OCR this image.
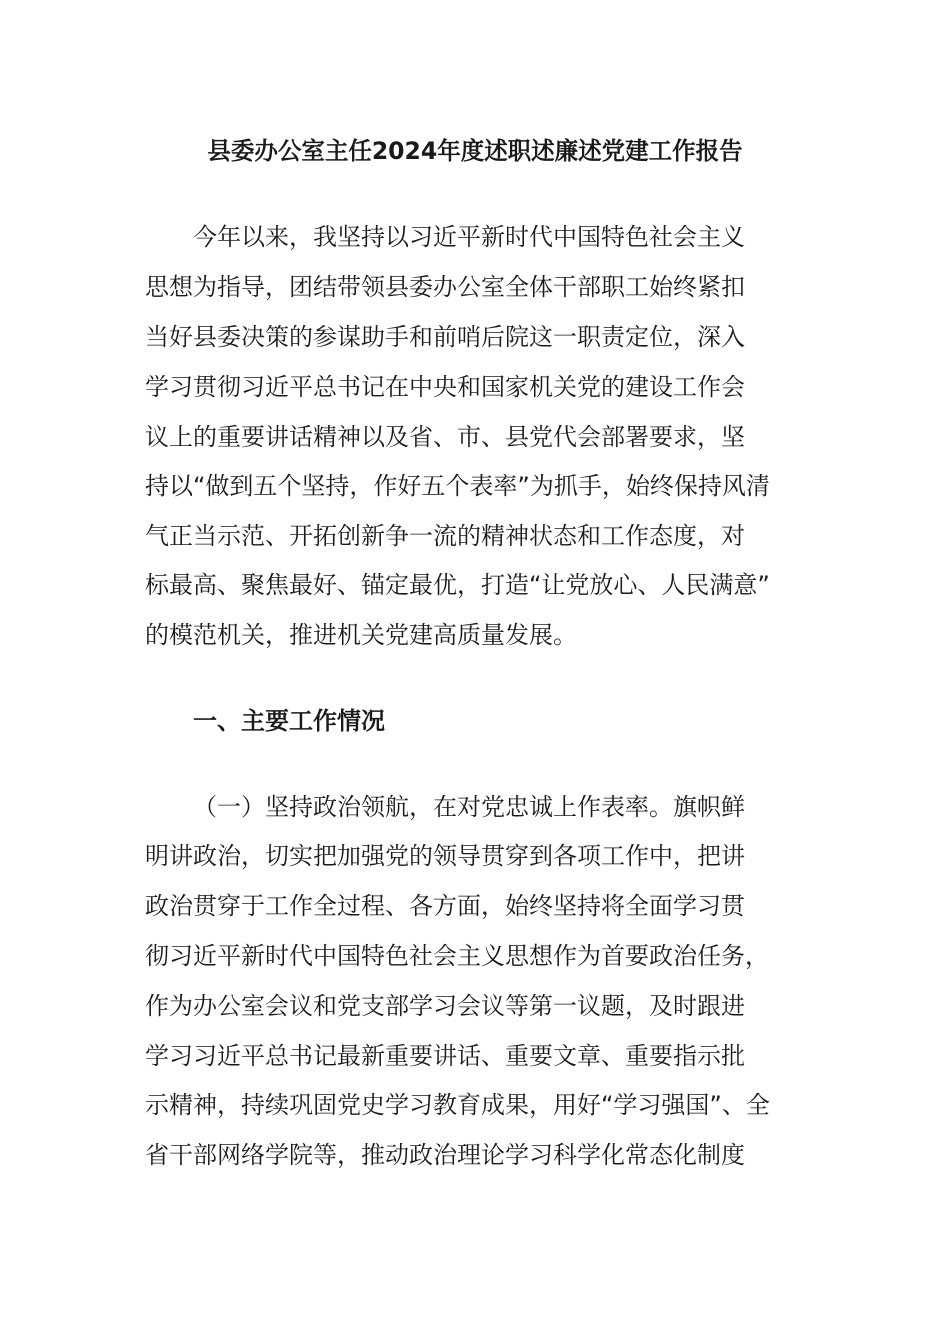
县委办公室主任2024年度述职述廉述党建工作报告
今年以来，我坚持以习近平新时代中国特色社会主义
思想为指导，团结带领县委办公室全体干部职工始终紧扣
当好县委决策的参谋助手和前哨后院这一职责定位，深入
学习贯彻习近平总书记在中央和国家机关党的建设工作会
议上的重要讲话精神以及省、市、县党代会部署要求，坚
持以“做到五个坚持，作好五个表率”为抓手，始终保持风清
气正当示范、开拓创新争一流的精神状态和工作态度，对
标最高、聚焦最好、锚定最优，打造“让党放心、人民满意”
的模范机关，推进机关党建高质量发展。
一、主要工作情况
（一）坚持政治领航，在对党忠诚上作表率。旗帜鲜
明讲政治，切实把加强党的领导贯穿到各项工作中，把讲
政治贯穿于工作全过程、各方面，始终坚持将全面学习贯
彻习近平新时代中国特色社会主义思想作为首要政治任务，
作为办公室会议和党支部学习会议等第一议题，及时跟进
学习习近平总书记最新重要讲话、重要文章、重要指示批
示精神，持续巩固党史学习教育成果，用好“学习强国”、全
省干部网络学院等，推动政治理论学习科学化常态化制度
